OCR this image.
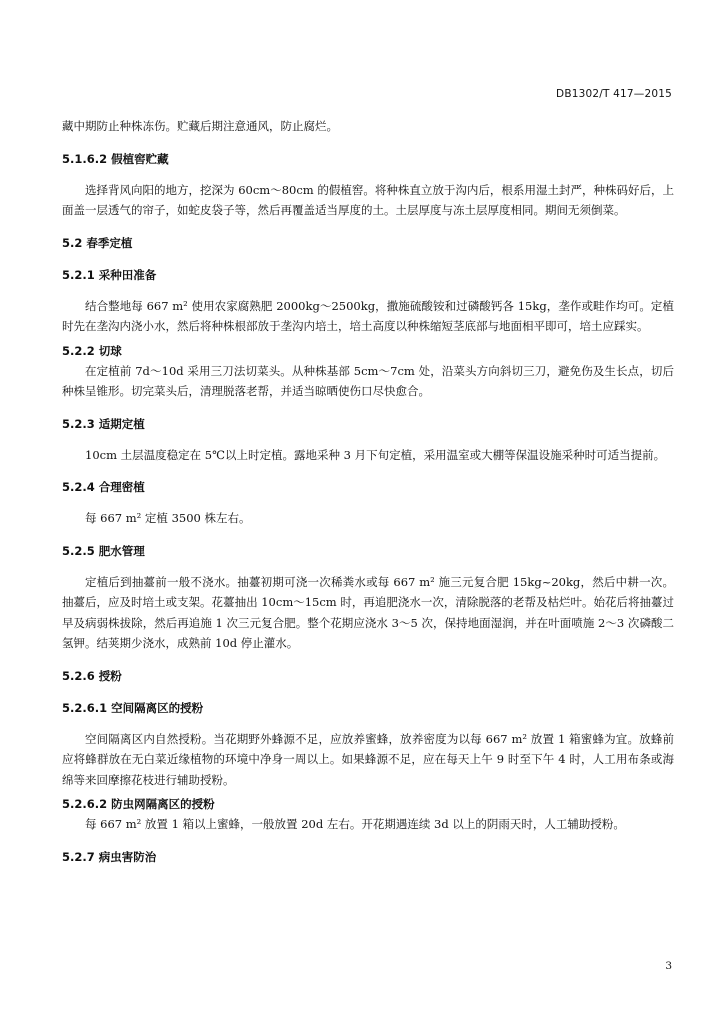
DB1302/T 417—2015

藏中期防止种株冻伤。贮藏后期注意通风，防止腐烂。

5.1.6.2 假植窖贮藏

选择背风向阳的地方，挖深为 60cm～80cm 的假植窖。将种株直立放于沟内后，根系用湿土封严，种株码好后，上面盖一层透气的帘子，如蛇皮袋子等，然后再覆盖适当厚度的土。土层厚度与冻土层厚度相同。期间无须倒菜。

5.2 春季定植

5.2.1 采种田准备

结合整地每 667 m² 使用农家腐熟肥 2000kg～2500kg，撒施硫酸铵和过磷酸钙各 15kg，垄作或畦作均可。定植时先在垄沟内浇小水，然后将种株根部放于垄沟内培土，培土高度以种株缩短茎底部与地面相平即可，培土应踩实。

5.2.2 切球

在定植前 7d～10d 采用三刀法切菜头。从种株基部 5cm～7cm 处，沿菜头方向斜切三刀，避免伤及生长点，切后种株呈锥形。切完菜头后，清理脱落老帮，并适当晾晒使伤口尽快愈合。

5.2.3 适期定植

10cm 土层温度稳定在 5℃以上时定植。露地采种 3 月下旬定植，采用温室或大棚等保温设施采种时可适当提前。

5.2.4 合理密植

每 667 m² 定植 3500 株左右。

5.2.5 肥水管理

定植后到抽薹前一般不浇水。抽薹初期可浇一次稀粪水或每 667 m² 施三元复合肥 15kg~20kg，然后中耕一次。抽薹后，应及时培土或支架。花薹抽出 10cm～15cm 时，再追肥浇水一次，清除脱落的老帮及枯烂叶。始花后将抽薹过早及病弱株拔除，然后再追施 1 次三元复合肥。整个花期应浇水 3～5 次，保持地面湿润，并在叶面喷施 2～3 次磷酸二氢钾。结荚期少浇水，成熟前 10d 停止灌水。

5.2.6 授粉

5.2.6.1 空间隔离区的授粉

空间隔离区内自然授粉。当花期野外蜂源不足，应放养蜜蜂，放养密度为以每 667 m² 放置 1 箱蜜蜂为宜。放蜂前应将蜂群放在无白菜近缘植物的环境中净身一周以上。如果蜂源不足，应在每天上午 9 时至下午 4 时，人工用布条或海绵等来回摩擦花枝进行辅助授粉。

5.2.6.2 防虫网隔离区的授粉

每 667 m² 放置 1 箱以上蜜蜂，一般放置 20d 左右。开花期遇连续 3d 以上的阴雨天时，人工辅助授粉。

5.2.7 病虫害防治

3
